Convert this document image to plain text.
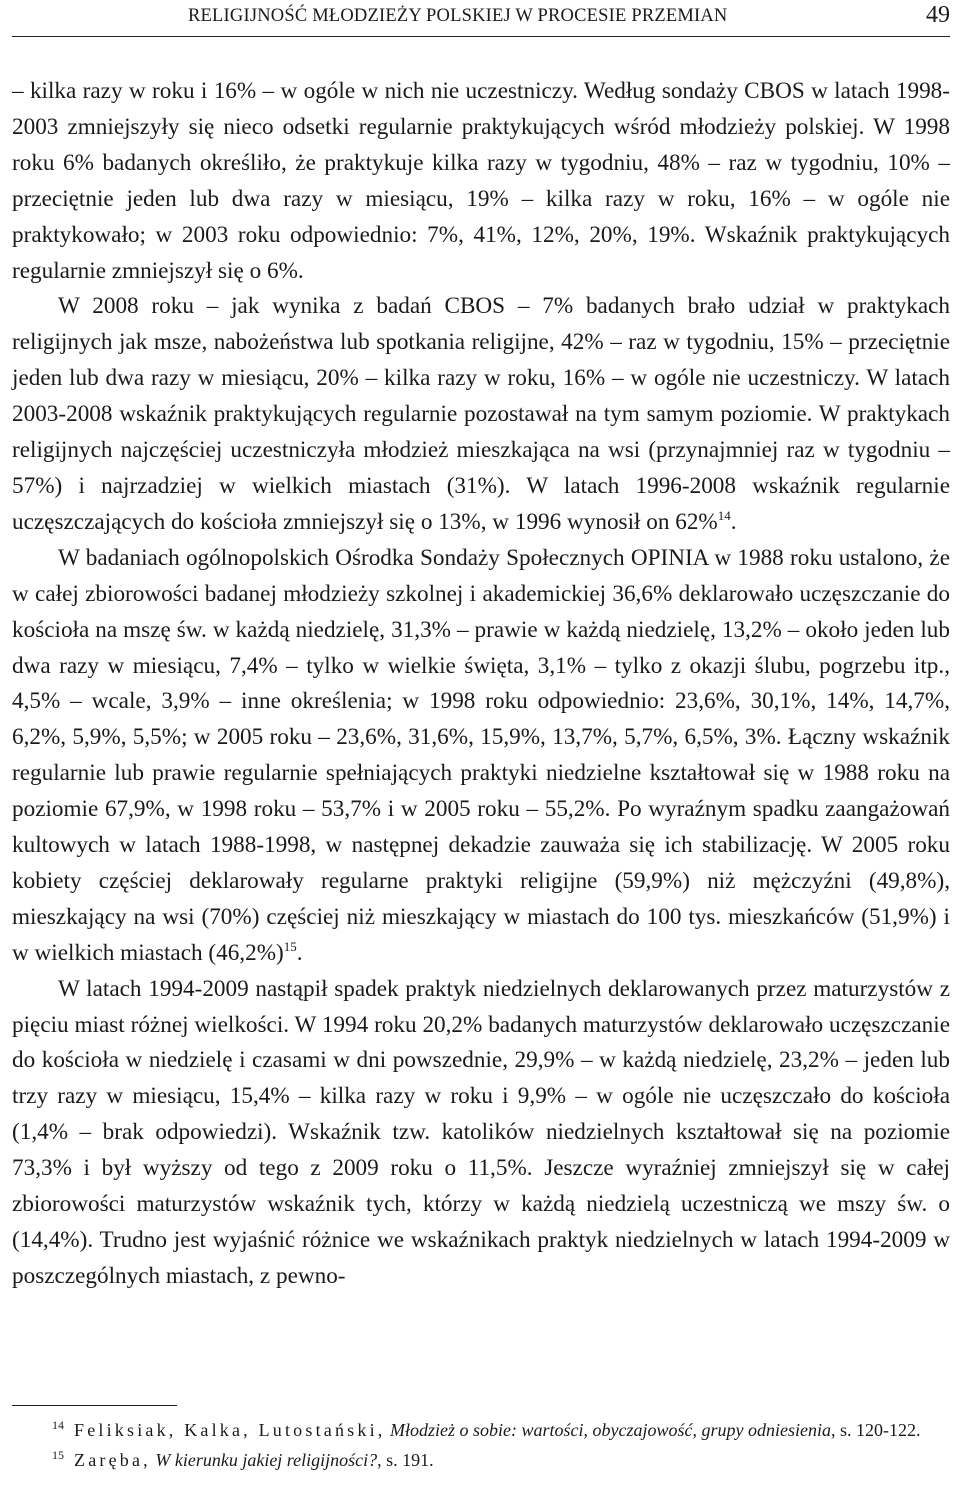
RELIGIJNOŚĆ MŁODZIEŻY POLSKIEJ W PROCESIE PRZEMIAN	49

– kilka razy w roku i 16% – w ogóle w nich nie uczestniczy. Według sondaży CBOS w latach 1998-2003 zmniejszyły się nieco odsetki regularnie praktykujących wśród młodzieży polskiej. W 1998 roku 6% badanych określiło, że praktykuje kilka razy w tygodniu, 48% – raz w tygodniu, 10% – przeciętnie jeden lub dwa razy w miesiącu, 19% – kilka razy w roku, 16% – w ogóle nie praktykowało; w 2003 roku odpowiednio: 7%, 41%, 12%, 20%, 19%. Wskaźnik praktykujących regularnie zmniejszył się o 6%.

W 2008 roku – jak wynika z badań CBOS – 7% badanych brało udział w praktykach religijnych jak msze, nabożeństwa lub spotkania religijne, 42% – raz w tygodniu, 15% – przeciętnie jeden lub dwa razy w miesiącu, 20% – kilka razy w roku, 16% – w ogóle nie uczestniczy. W latach 2003-2008 wskaźnik praktykujących regularnie pozostawał na tym samym poziomie. W praktykach religijnych najczęściej uczestniczyła młodzież mieszkająca na wsi (przynajmniej raz w tygodniu – 57%) i najrzadziej w wielkich miastach (31%). W latach 1996-2008 wskaźnik regularnie uczęszczających do kościoła zmniejszył się o 13%, w 1996 wynosił on 62%$^{14}$.

W badaniach ogólnopolskich Ośrodka Sondaży Społecznych OPINIA w 1988 roku ustalono, że w całej zbiorowości badanej młodzieży szkolnej i akademickiej 36,6% deklarowało uczęszczanie do kościoła na mszę św. w każdą niedzielę, 31,3% – prawie w każdą niedzielę, 13,2% – około jeden lub dwa razy w miesiącu, 7,4% – tylko w wielkie święta, 3,1% – tylko z okazji ślubu, pogrzebu itp., 4,5% – wcale, 3,9% – inne określenia; w 1998 roku odpowiednio: 23,6%, 30,1%, 14%, 14,7%, 6,2%, 5,9%, 5,5%; w 2005 roku – 23,6%, 31,6%, 15,9%, 13,7%, 5,7%, 6,5%, 3%. Łączny wskaźnik regularnie lub prawie regularnie spełniających praktyki niedzielne kształtował się w 1988 roku na poziomie 67,9%, w 1998 roku – 53,7% i w 2005 roku – 55,2%. Po wyraźnym spadku zaangażowań kultowych w latach 1988-1998, w następnej dekadzie zauważa się ich stabilizację. W 2005 roku kobiety częściej deklarowały regularne praktyki religijne (59,9%) niż mężczyźni (49,8%), mieszkający na wsi (70%) częściej niż mieszkający w miastach do 100 tys. mieszkańców (51,9%) i w wielkich miastach $(46,2\%)^{15}$.

W latach 1994-2009 nastąpił spadek praktyk niedzielnych deklarowanych przez maturzystów z pięciu miast różnej wielkości. W 1994 roku 20,2% badanych maturzystów deklarowało uczęszczanie do kościoła w niedzielę i czasami w dni powszednie, 29,9% – w każdą niedzielę, 23,2% – jeden lub trzy razy w miesiącu, 15,4% – kilka razy w roku i 9,9% – w ogóle nie uczęszczało do kościoła (1,4% – brak odpowiedzi). Wskaźnik tzw. katolików niedzielnych kształtował się na poziomie 73,3% i był wyższy od tego z 2009 roku o 11,5%. Jeszcze wyraźniej zmniejszył się w całej zbiorowości maturzystów wskaźnik tych, którzy w każdą niedzielą uczestniczą we mszy św. o (14,4%). Trudno jest wyjaśnić różnice we wskaźnikach praktyk niedzielnych w latach 1994-2009 w poszczególnych miastach, z pewno-

$^{14}$ Feliksiak, Kalka, Lutostański, Młodzież o sobie: wartości, obyczajowość, grupy odniesienia, s. 120-122.

$^{15}$ Zaręba, W kierunku jakiej religijności?, s. 191.
